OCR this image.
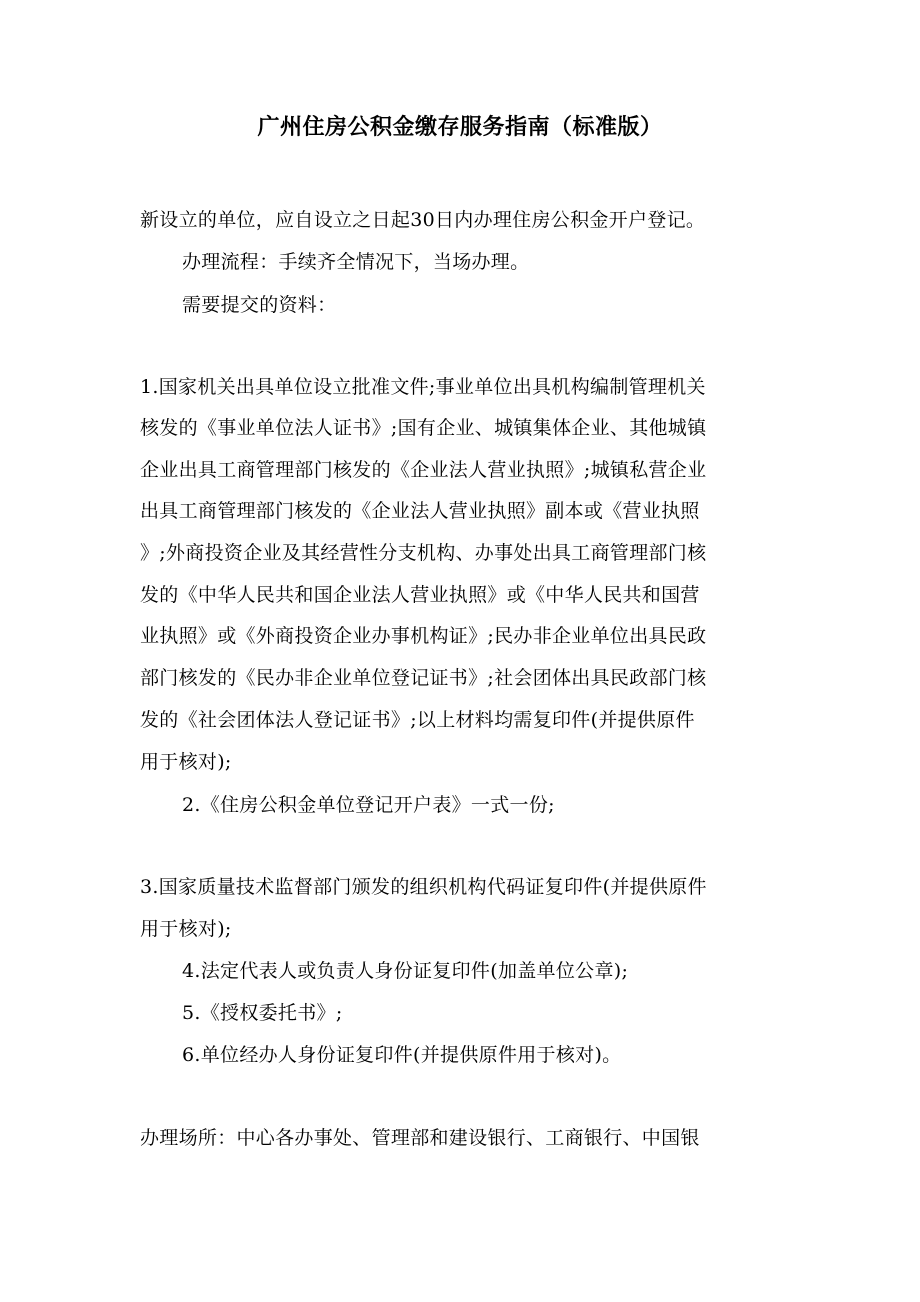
广州住房公积金缴存服务指南（标准版）
新设立的单位，应自设立之日起30日内办理住房公积金开户登记。
办理流程：手续齐全情况下，当场办理。
需要提交的资料：
1.国家机关出具单位设立批准文件;事业单位出具机构编制管理机关
核发的《事业单位法人证书》;国有企业、城镇集体企业、其他城镇
企业出具工商管理部门核发的《企业法人营业执照》;城镇私营企业
出具工商管理部门核发的《企业法人营业执照》副本或《营业执照
》;外商投资企业及其经营性分支机构、办事处出具工商管理部门核
发的《中华人民共和国企业法人营业执照》或《中华人民共和国营
业执照》或《外商投资企业办事机构证》;民办非企业单位出具民政
部门核发的《民办非企业单位登记证书》;社会团体出具民政部门核
发的《社会团体法人登记证书》;以上材料均需复印件(并提供原件
用于核对);
2.《住房公积金单位登记开户表》一式一份;
3.国家质量技术监督部门颁发的组织机构代码证复印件(并提供原件
用于核对);
4.法定代表人或负责人身份证复印件(加盖单位公章);
5.《授权委托书》;
6.单位经办人身份证复印件(并提供原件用于核对)。
办理场所：中心各办事处、管理部和建设银行、工商银行、中国银
